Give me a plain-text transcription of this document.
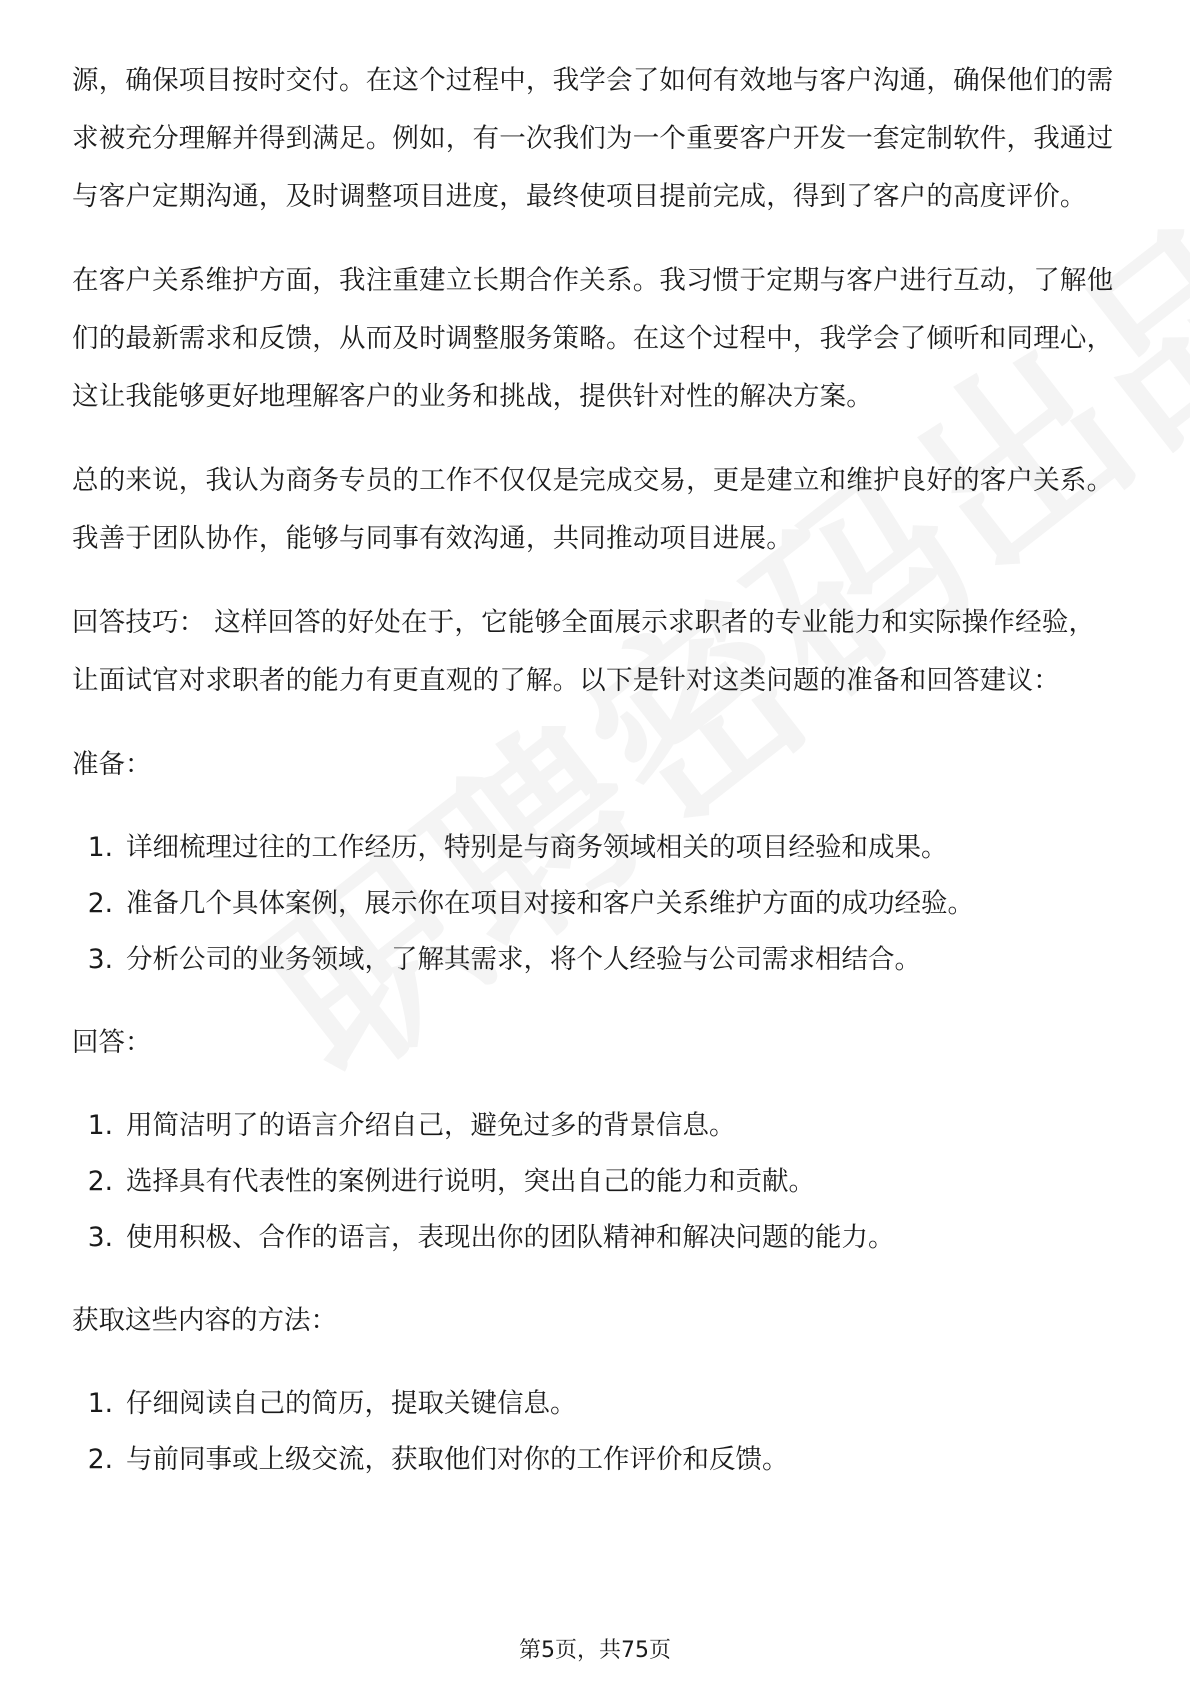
源，确保项目按时交付。在这个过程中，我学会了如何有效地与客户沟通，确保他们的需求被充分理解并得到满足。例如，有一次我们为一个重要客户开发一套定制软件，我通过与客户定期沟通，及时调整项目进度，最终使项目提前完成，得到了客户的高度评价。

在客户关系维护方面，我注重建立长期合作关系。我习惯于定期与客户进行互动，了解他们的最新需求和反馈，从而及时调整服务策略。在这个过程中，我学会了倾听和同理心，这让我能够更好地理解客户的业务和挑战，提供针对性的解决方案。

总的来说，我认为商务专员的工作不仅仅是完成交易，更是建立和维护良好的客户关系。我善于团队协作，能够与同事有效沟通，共同推动项目进展。

回答技巧： 这样回答的好处在于，它能够全面展示求职者的专业能力和实际操作经验，让面试官对求职者的能力有更直观的了解。以下是针对这类问题的准备和回答建议：

准备：

1. 详细梳理过往的工作经历，特别是与商务领域相关的项目经验和成果。
2. 准备几个具体案例，展示你在项目对接和客户关系维护方面的成功经验。
3. 分析公司的业务领域，了解其需求，将个人经验与公司需求相结合。

回答：

1. 用简洁明了的语言介绍自己，避免过多的背景信息。
2. 选择具有代表性的案例进行说明，突出自己的能力和贡献。
3. 使用积极、合作的语言，表现出你的团队精神和解决问题的能力。

获取这些内容的方法：

1. 仔细阅读自己的简历，提取关键信息。
2. 与前同事或上级交流，获取他们对你的工作评价和反馈。
第5页，共75页
